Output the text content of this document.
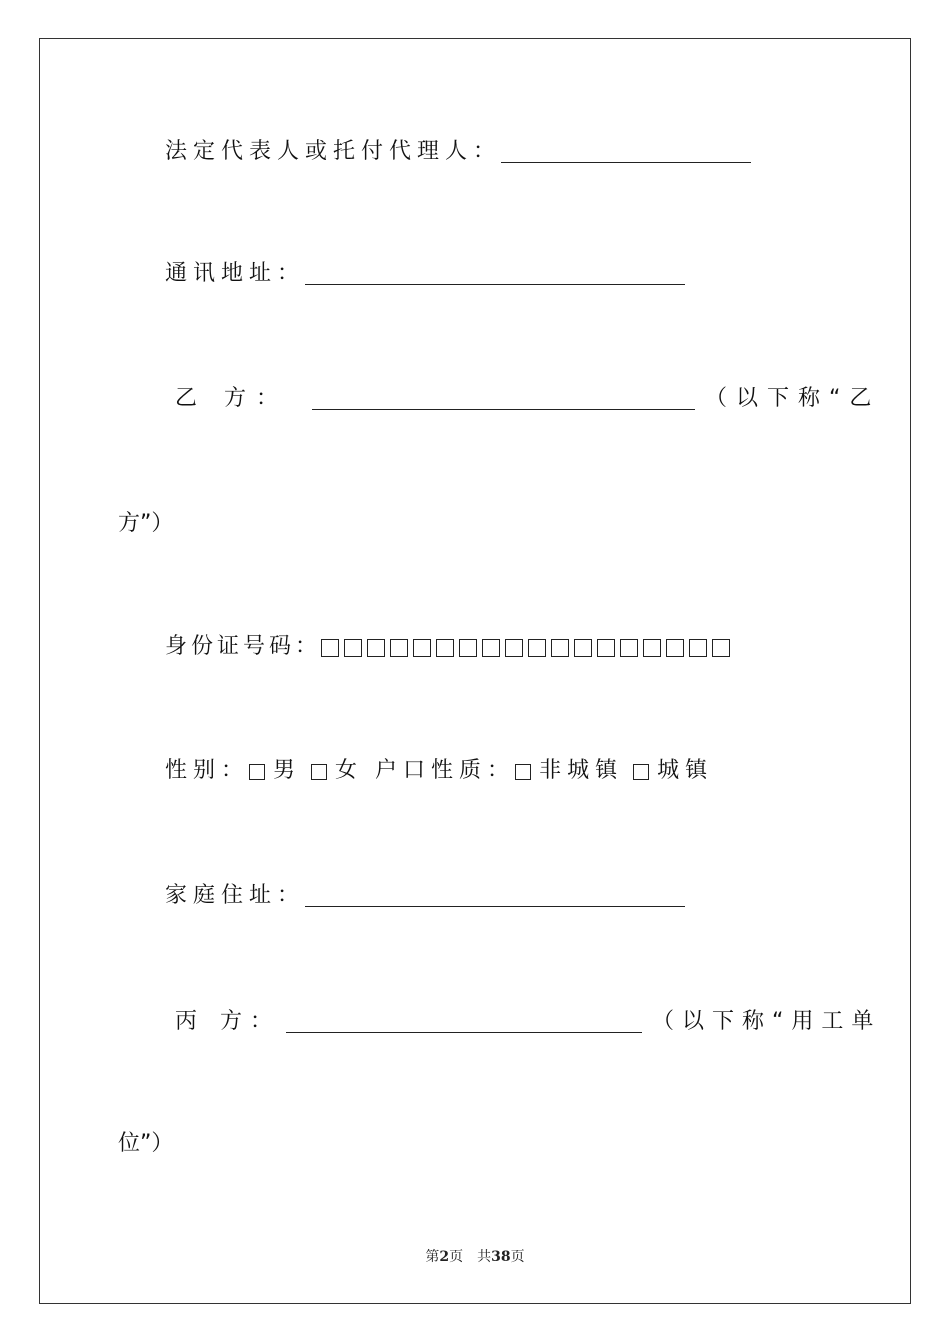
法定代表人或托付代理人：
通讯地址：
乙 方：	（以下称“乙
方”）
身份证号码：
性别： 男 女 户口性质： 非城镇 城镇
家庭住址：
丙 方：	（以下称“用工单
位”）
第2页　共38页
